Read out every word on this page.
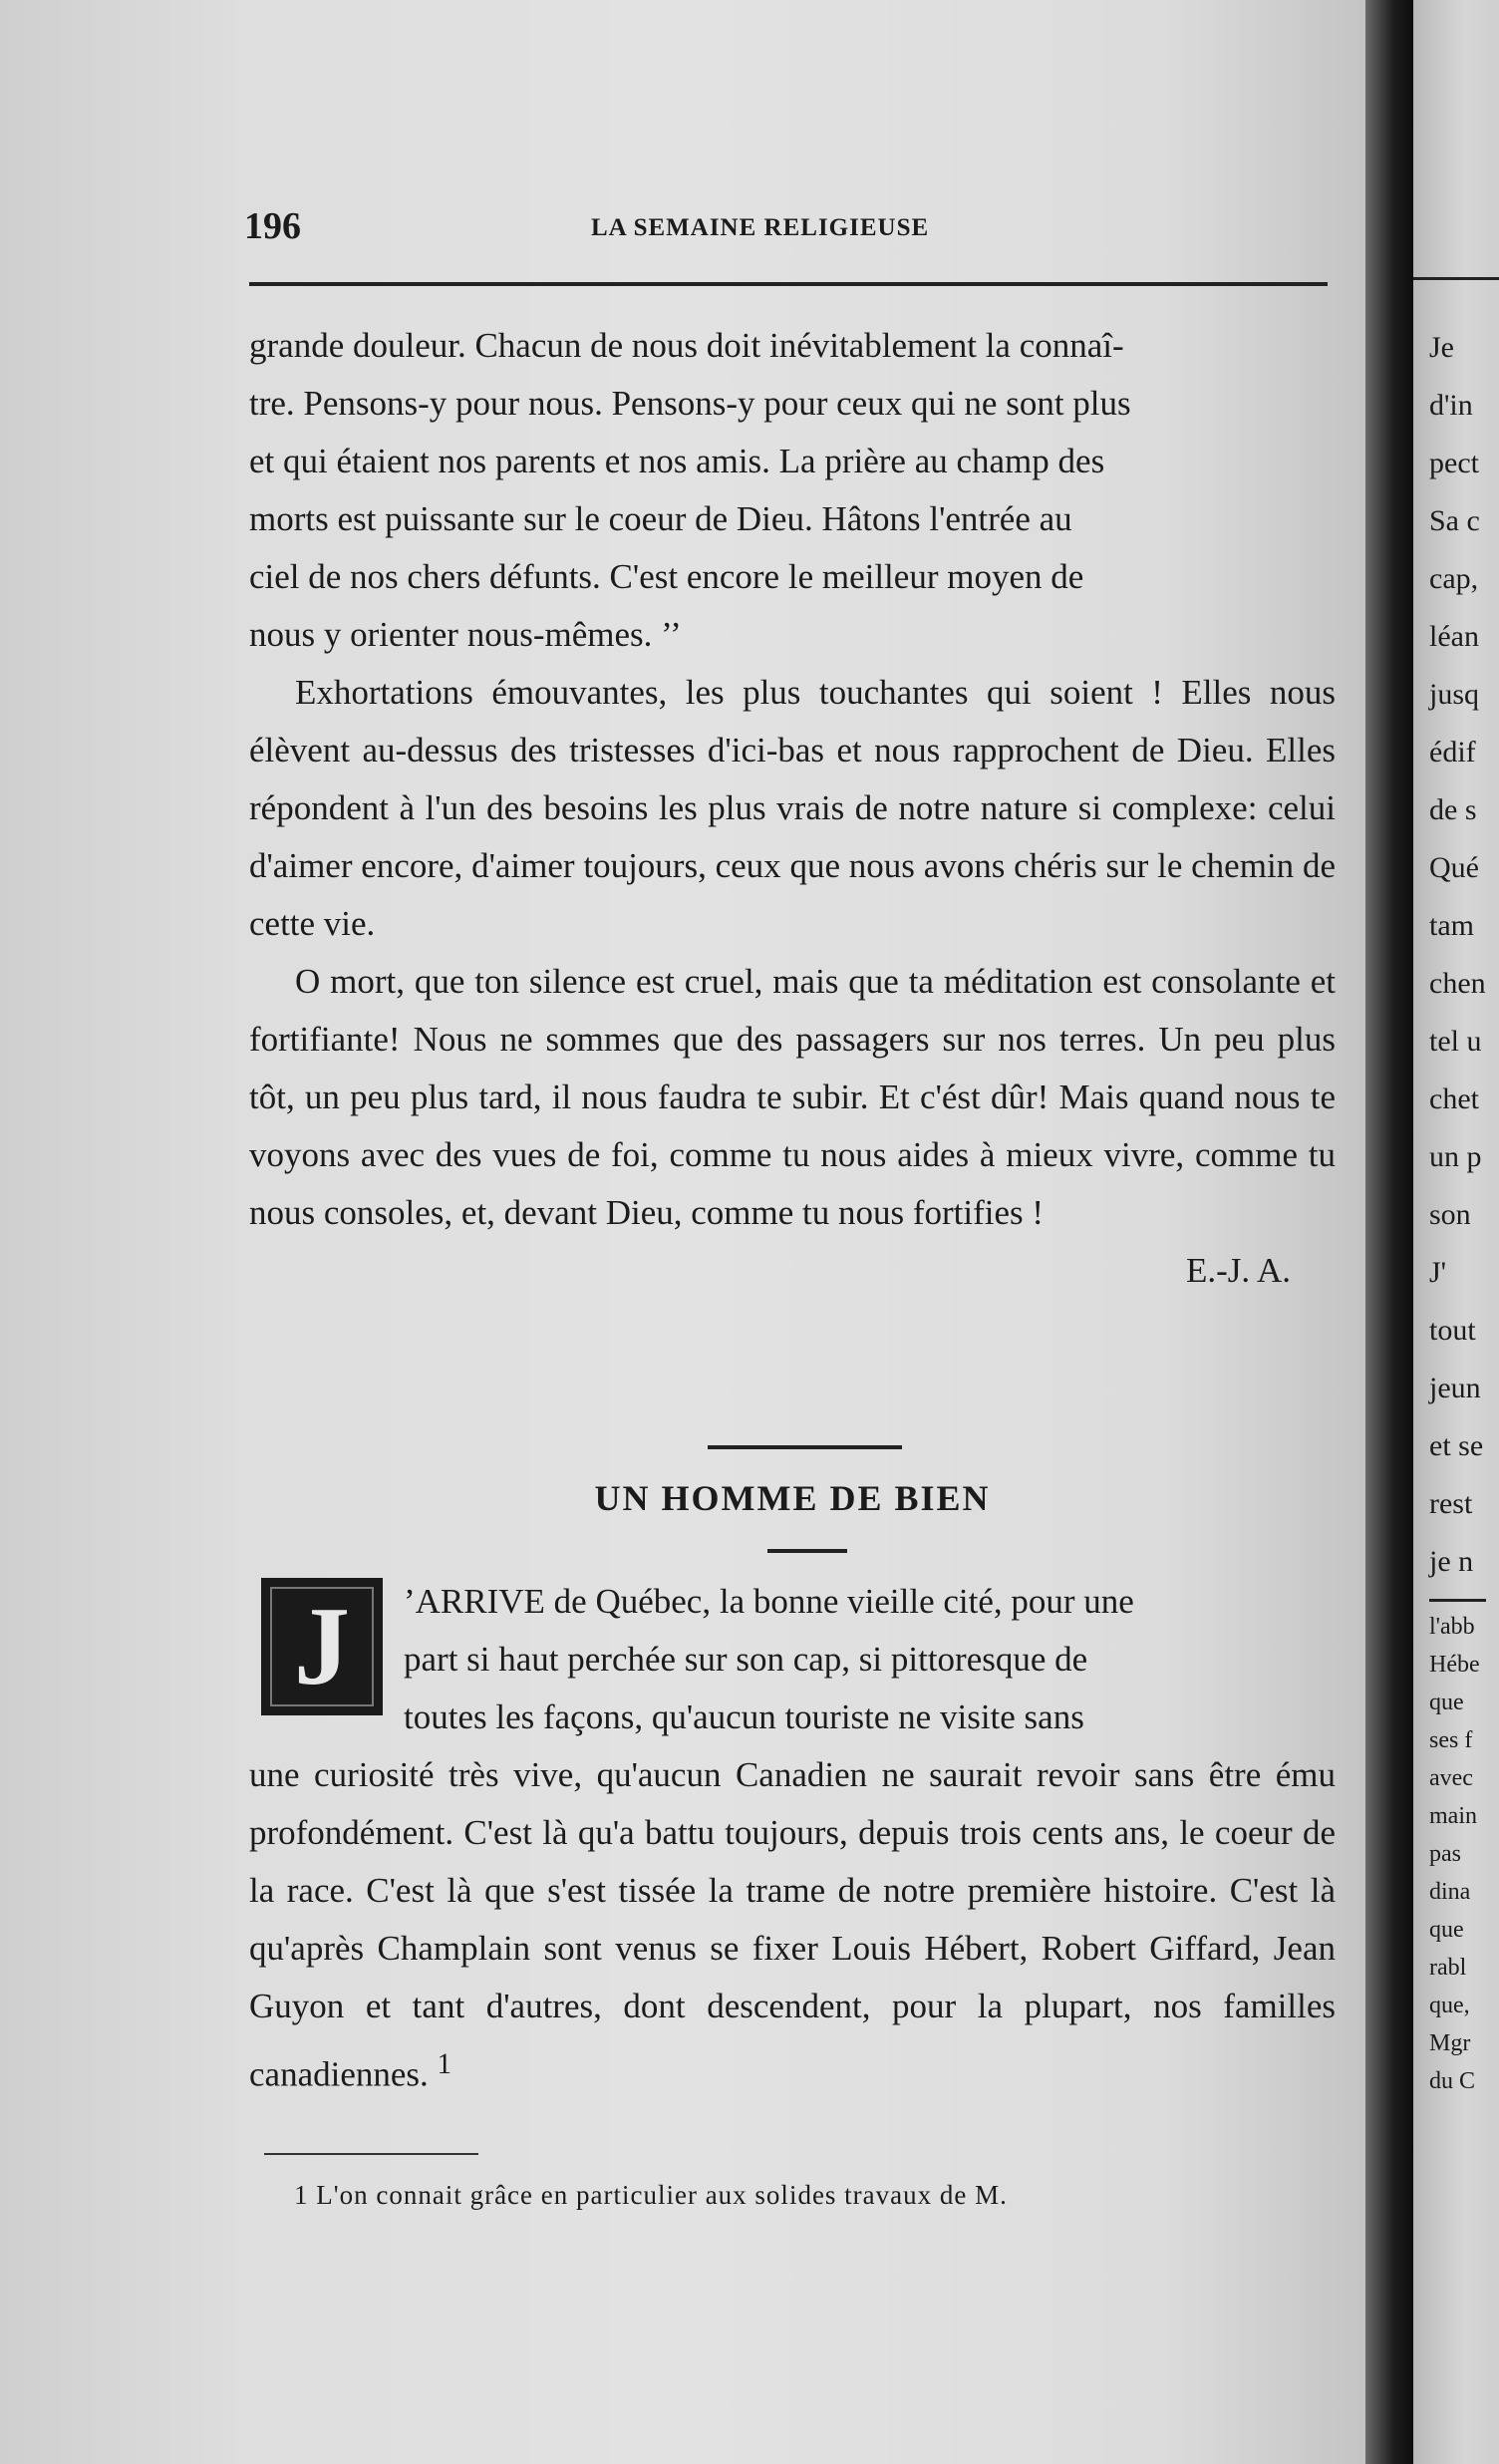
196	LA SEMAINE RELIGIEUSE
grande douleur. Chacun de nous doit inévitablement la connaî-
tre. Pensons-y pour nous. Pensons-y pour ceux qui ne sont plus
et qui étaient nos parents et nos amis. La prière au champ des
morts est puissante sur le coeur de Dieu. Hâtons l'entrée au
ciel de nos chers défunts. C'est encore le meilleur moyen de
nous y orienter nous-mêmes. ’’

Exhortations émouvantes, les plus touchantes qui soient ! Elles nous élèvent au-dessus des tristesses d'ici-bas et nous rapprochent de Dieu. Elles répondent à l'un des besoins les plus vrais de notre nature si complexe: celui d'aimer encore, d'aimer toujours, ceux que nous avons chéris sur le chemin de cette vie.

O mort, que ton silence est cruel, mais que ta méditation est consolante et fortifiante! Nous ne sommes que des passagers sur nos terres. Un peu plus tôt, un peu plus tard, il nous faudra te subir. Et c'ést dûr! Mais quand nous te voyons avec des vues de foi, comme tu nous aides à mieux vivre, comme tu nous consoles, et, devant Dieu, comme tu nous fortifies !

E.-J. A.

UN HOMME DE BIEN
J	’ARRIVE de Québec, la bonne vieille cité, pour une

part si haut perchée sur son cap, si pittoresque de

toutes les façons, qu'aucun touriste ne visite sans

une curiosité très vive, qu'aucun Canadien ne saurait revoir sans être ému profondément. C'est là qu'a battu toujours, depuis trois cents ans, le coeur de la race. C'est là que s'est tissée la trame de notre première histoire. C'est là qu'après Champlain sont venus se fixer Louis Hébert, Robert Giffard, Jean Guyon et tant d'autres, dont descendent, pour la plupart, nos familles canadiennes. $^1$

1 L'on connait grâce en particulier aux solides travaux de M.
Je
d'in
pect
Sa c
cap,
léan
jusq
édif
de s
Qué
tam
chen
tel u
chet
un p
son
J'
tout
jeun
et se
rest
je n
l'abb
Hébe
que
ses f
avec
main
pas
dina
que
rabl
que,
Mgr
du C
